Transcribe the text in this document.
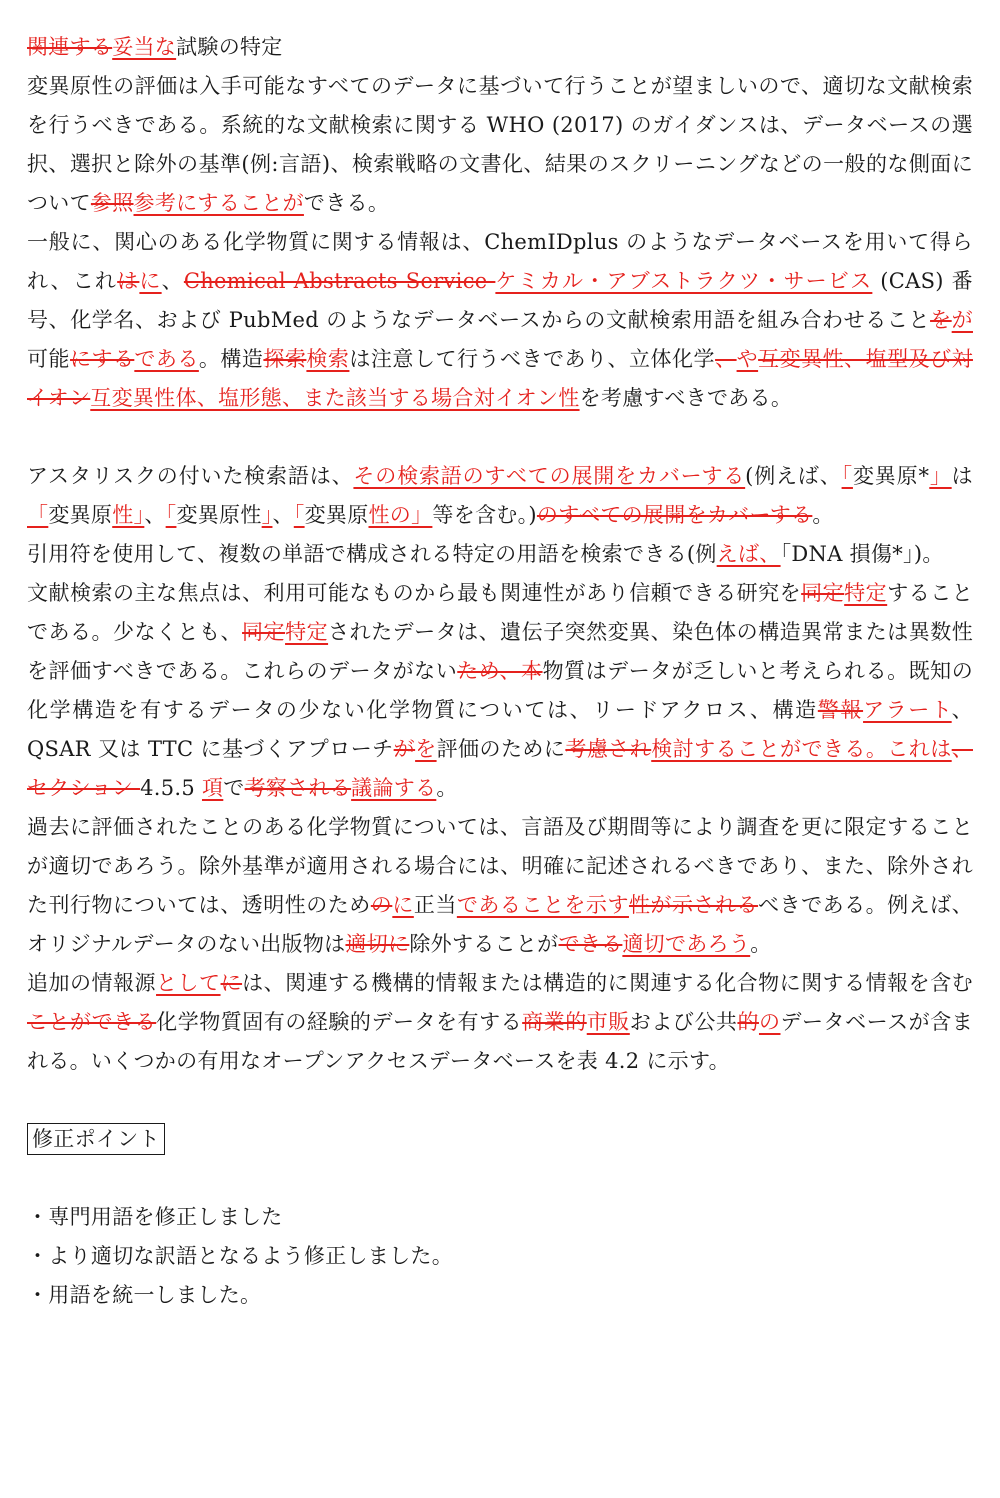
関連する妥当な試験の特定

変異原性の評価は入手可能なすべてのデータに基づいて行うことが望ましいので、適切な文献検索を行うべきである。系統的な文献検索に関する WHO (2017) のガイダンスは、データベースの選択、選択と除外の基準(例:言語)、検索戦略の文書化、結果のスクリーニングなどの一般的な側面について参照参考にすることができる。

一般に、関心のある化学物質に関する情報は、ChemIDplus のようなデータベースを用いて得られ、これはに、Chemical Abstracts Service ケミカル・アブストラクツ・サービス (CAS) 番号、化学名、および PubMed のようなデータベースからの文献検索用語を組み合わせることをが可能にするである。構造探索検索は注意して行うべきであり、立体化学、や互変異性、塩型及び対イオン互変異性体、塩形態、また該当する場合対イオン性を考慮すべきである。

アスタリスクの付いた検索語は、その検索語のすべての展開をカバーする(例えば、「変異原*」は「変異原性」、「変異原性」、「変異原性の」等を含む。)のすべての展開をカバーする。

引用符を使用して、複数の単語で構成される特定の用語を検索できる(例えば、「DNA 損傷*」)。

文献検索の主な焦点は、利用可能なものから最も関連性があり信頼できる研究を同定特定することである。少なくとも、同定特定されたデータは、遺伝子突然変異、染色体の構造異常または異数性を評価すべきである。これらのデータがないため、本物質はデータが乏しいと考えられる。既知の化学構造を有するデータの少ない化学物質については、リードアクロス、構造警報アラート、QSAR 又は TTC に基づくアプローチがを評価のために考慮され検討することができる。これは、セクション 4.5.5 項で考察される議論する。

過去に評価されたことのある化学物質については、言語及び期間等により調査を更に限定することが適切であろう。除外基準が適用される場合には、明確に記述されるべきであり、また、除外された刊行物については、透明性のためのに正当であることを示す性が示されるべきである。例えば、オリジナルデータのない出版物は適切に除外することができる適切であろう。

追加の情報源としてには、関連する機構的情報または構造的に関連する化合物に関する情報を含むことができる化学物質固有の経験的データを有する商業的市販および公共的のデータベースが含まれる。いくつかの有用なオープンアクセスデータベースを表 4.2 に示す。

修正ポイント

・専門用語を修正しました
・より適切な訳語となるよう修正しました。
・用語を統一しました。
